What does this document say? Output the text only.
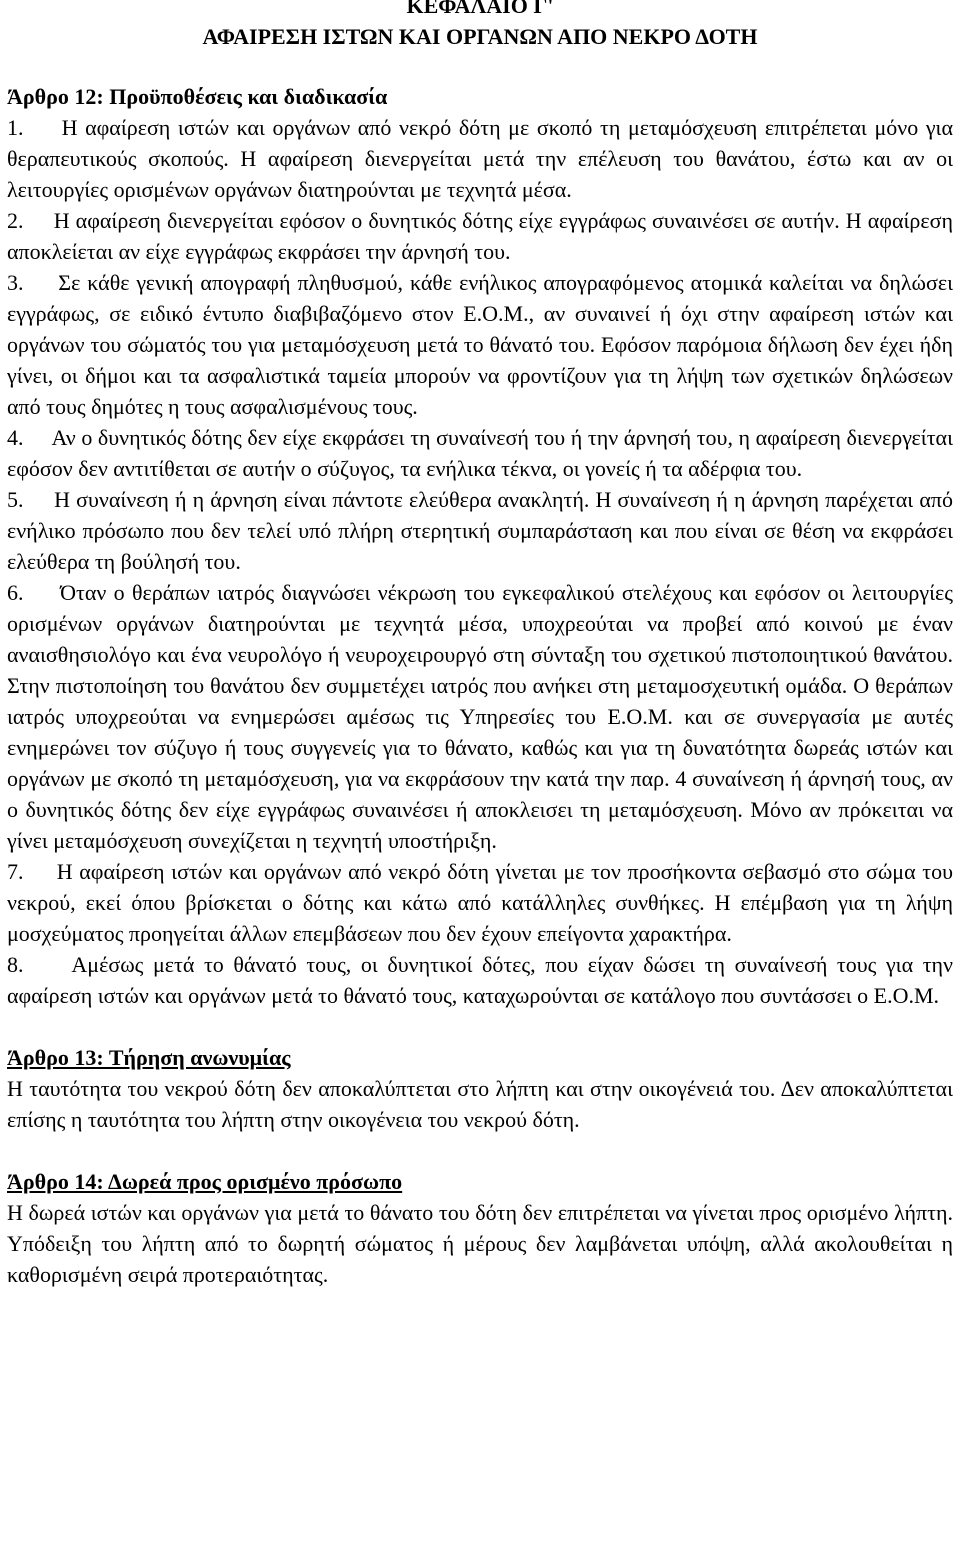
ΚΕΦΑΛΑΙΟ Γ'
ΑΦΑΙΡΕΣΗ ΙΣΤΩΝ ΚΑΙ ΟΡΓΑΝΩΝ ΑΠΟ ΝΕΚΡΟ ΔΟΤΗ
Άρθρο 12: Προϋποθέσεις και διαδικασία

1.     Η αφαίρεση ιστών και οργάνων από νεκρό δότη με σκοπό τη μεταμόσχευση επιτρέπεται μόνο για θεραπευτικούς σκοπούς. Η αφαίρεση διενεργείται μετά την επέλευση του θανάτου, έστω και αν οι λειτουργίες ορισμένων οργάνων διατηρούνται με τεχνητά μέσα.

2.     Η αφαίρεση διενεργείται εφόσον ο δυνητικός δότης είχε εγγράφως συναινέσει σε αυτήν. Η αφαίρεση αποκλείεται αν είχε εγγράφως εκφράσει την άρνησή του.

3.     Σε κάθε γενική απογραφή πληθυσμού, κάθε ενήλικος απογραφόμενος ατομικά καλείται να δηλώσει εγγράφως, σε ειδικό έντυπο διαβιβαζόμενο στον Ε.Ο.Μ., αν συναινεί ή όχι στην αφαίρεση ιστών και οργάνων του σώματός του για μεταμόσχευση μετά το θάνατό του. Εφόσον παρόμοια δήλωση δεν έχει ήδη γίνει, οι δήμοι και τα ασφαλιστικά ταμεία μπορούν να φροντίζουν για τη λήψη των σχετικών δηλώσεων από τους δημότες η τους ασφαλισμένους τους.

4.     Αν ο δυνητικός δότης δεν είχε εκφράσει τη συναίνεσή του ή την άρνησή του, η αφαίρεση διενεργείται εφόσον δεν αντιτίθεται σε αυτήν ο σύζυγος, τα ενήλικα τέκνα, οι γονείς ή τα αδέρφια του.

5.     Η συναίνεση ή η άρνηση είναι πάντοτε ελεύθερα ανακλητή. Η συναίνεση ή η άρνηση παρέχεται από ενήλικο πρόσωπο που δεν τελεί υπό πλήρη στερητική συμπαράσταση και που είναι σε θέση να εκφράσει ελεύθερα τη βούλησή του.

6.     Όταν ο θεράπων ιατρός διαγνώσει νέκρωση του εγκεφαλικού στελέχους και εφόσον οι λειτουργίες ορισμένων οργάνων διατηρούνται με τεχνητά μέσα, υποχρεούται να προβεί από κοινού με έναν αναισθησιολόγο και ένα νευρολόγο ή νευροχειρουργό στη σύνταξη του σχετικού πιστοποιητικού θανάτου. Στην πιστοποίηση του θανάτου δεν συμμετέχει ιατρός που ανήκει στη μεταμοσχευτική ομάδα. Ο θεράπων ιατρός υποχρεούται να ενημερώσει αμέσως τις Υπηρεσίες του Ε.Ο.Μ. και σε συνεργασία με αυτές ενημερώνει τον σύζυγο ή τους συγγενείς για το θάνατο, καθώς και για τη δυνατότητα δωρεάς ιστών και οργάνων με σκοπό τη μεταμόσχευση, για να εκφράσουν την κατά την παρ. 4 συναίνεση ή άρνησή τους, αν ο δυνητικός δότης δεν είχε εγγράφως συναινέσει ή αποκλεισει τη μεταμόσχευση. Μόνο αν πρόκειται να γίνει μεταμόσχευση συνεχίζεται η τεχνητή υποστήριξη.

7.     Η αφαίρεση ιστών και οργάνων από νεκρό δότη γίνεται με τον προσήκοντα σεβασμό στο σώμα του νεκρού, εκεί όπου βρίσκεται ο δότης και κάτω από κατάλληλες συνθήκες. Η επέμβαση για τη λήψη μοσχεύματος προηγείται άλλων επεμβάσεων που δεν έχουν επείγοντα χαρακτήρα.

8.     Αμέσως μετά το θάνατό τους, οι δυνητικοί δότες, που είχαν δώσει τη συναίνεσή τους για την αφαίρεση ιστών και οργάνων μετά το θάνατό τους, καταχωρούνται σε κατάλογο που συντάσσει ο Ε.Ο.Μ.

Άρθρο 13: Τήρηση ανωνυμίας

Η ταυτότητα του νεκρού δότη δεν αποκαλύπτεται στο λήπτη και στην οικογένειά του. Δεν αποκαλύπτεται επίσης η ταυτότητα του λήπτη στην οικογένεια του νεκρού δότη.

Άρθρο 14: Δωρεά προς ορισμένο πρόσωπο

Η δωρεά ιστών και οργάνων για μετά το θάνατο του δότη δεν επιτρέπεται να γίνεται προς ορισμένο λήπτη. Υπόδειξη του λήπτη από το δωρητή σώματος ή μέρους δεν λαμβάνεται υπόψη, αλλά ακολουθείται η καθορισμένη σειρά προτεραιότητας.
